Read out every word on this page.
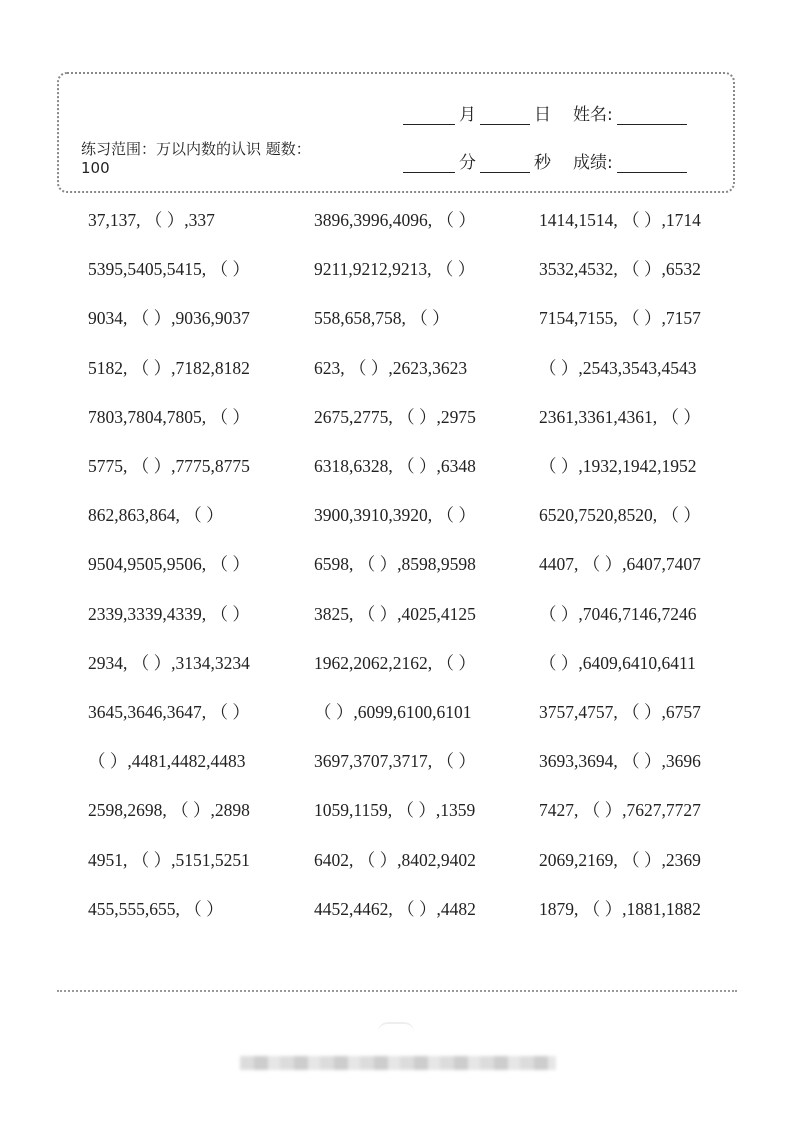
月	日 姓名:
分	秒 成绩:
练习范围：万以内数的认识 题数：100
37,137, （ ）,337	3896,3996,4096, （ ）	1414,1514, （ ）,1714
5395,5405,5415, （ ）	9211,9212,9213, （ ）	3532,4532, （ ）,6532
9034, （ ）,9036,9037	558,658,758, （ ）	7154,7155, （ ）,7157
5182, （ ）,7182,8182	623, （ ）,2623,3623	（ ）,2543,3543,4543
7803,7804,7805, （ ）	2675,2775, （ ）,2975	2361,3361,4361, （ ）
5775, （ ）,7775,8775	6318,6328, （ ）,6348	（ ）,1932,1942,1952
862,863,864, （ ）	3900,3910,3920, （ ）	6520,7520,8520, （ ）
9504,9505,9506, （ ）	6598, （ ）,8598,9598	4407, （ ）,6407,7407
2339,3339,4339, （ ）	3825, （ ）,4025,4125	（ ）,7046,7146,7246
2934, （ ）,3134,3234	1962,2062,2162, （ ）	（ ）,6409,6410,6411
3645,3646,3647, （ ）	（ ）,6099,6100,6101	3757,4757, （ ）,6757
（ ）,4481,4482,4483	3697,3707,3717, （ ）	3693,3694, （ ）,3696
2598,2698, （ ）,2898	1059,1159, （ ）,1359	7427, （ ）,7627,7727
4951, （ ）,5151,5251	6402, （ ）,8402,9402	2069,2169, （ ）,2369
455,555,655, （ ）	4452,4462, （ ）,4482	1879, （ ）,1881,1882
